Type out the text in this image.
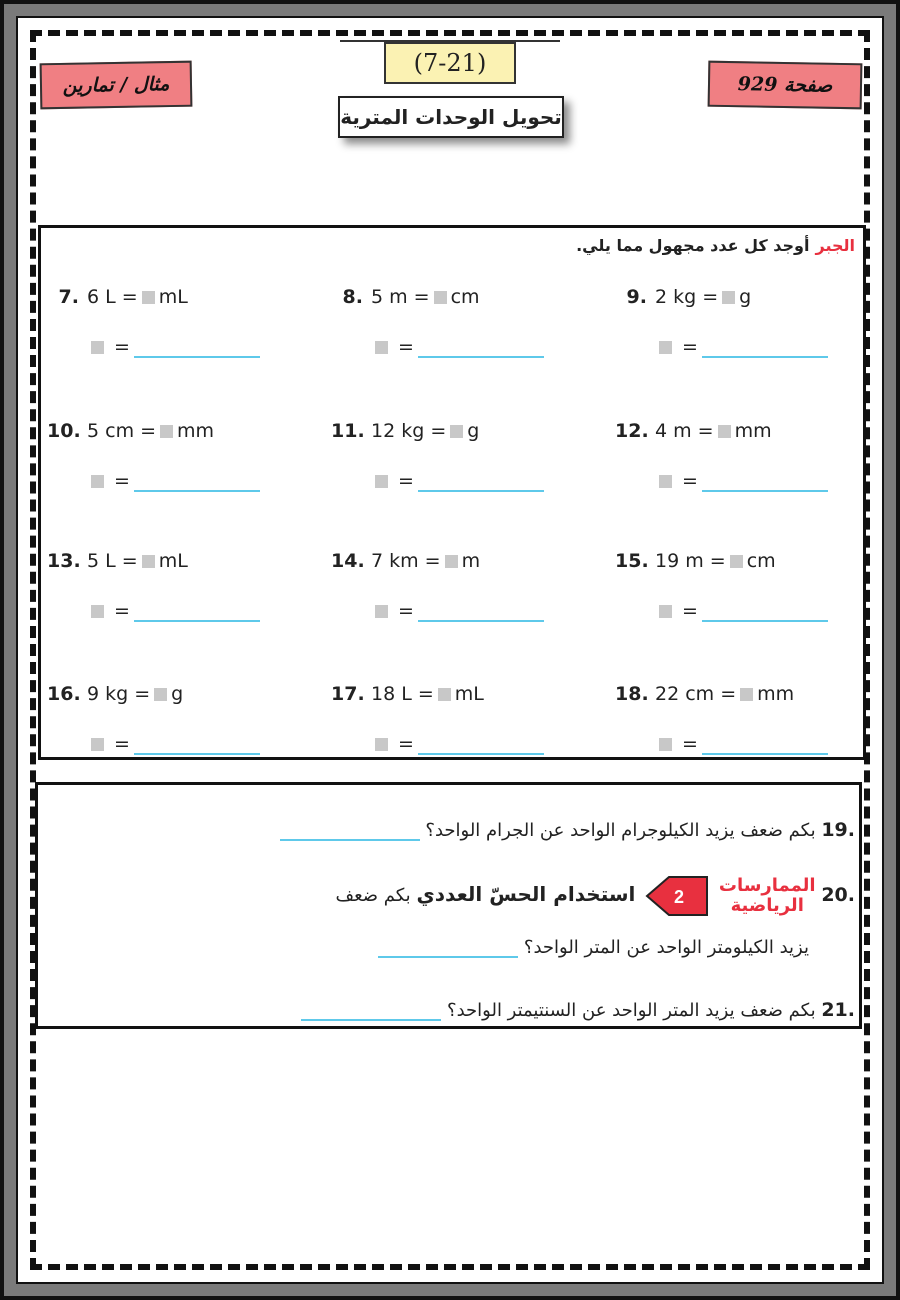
مثال / تمارين	صفحة 929
(7-21)
تحويل الوحدات المترية
الجبرأوجد كل عدد مجهول مما يلي.
7. 6 L = mL
=
8. 5 m = cm
=
9. 2 kg = g
=
10. 5 cm = mm
=
11. 12 kg = g
=
12. 4 m = mm
=
13. 5 L = mL
=
14. 7 km = m
=
15. 19 m = cm
=
16. 9 kg = g
=
17. 18 L = mL
=
18. 22 cm = mm
=
.19 بكم ضعف يزيد الكيلوجرام الواحد عن الجرام الواحد؟
.20 الممارسات
الرياضية
2
استخدام الحسّ العددي بكم ضعف
يزيد الكيلومتر الواحد عن المتر الواحد؟
.21 بكم ضعف يزيد المتر الواحد عن السنتيمتر الواحد؟
